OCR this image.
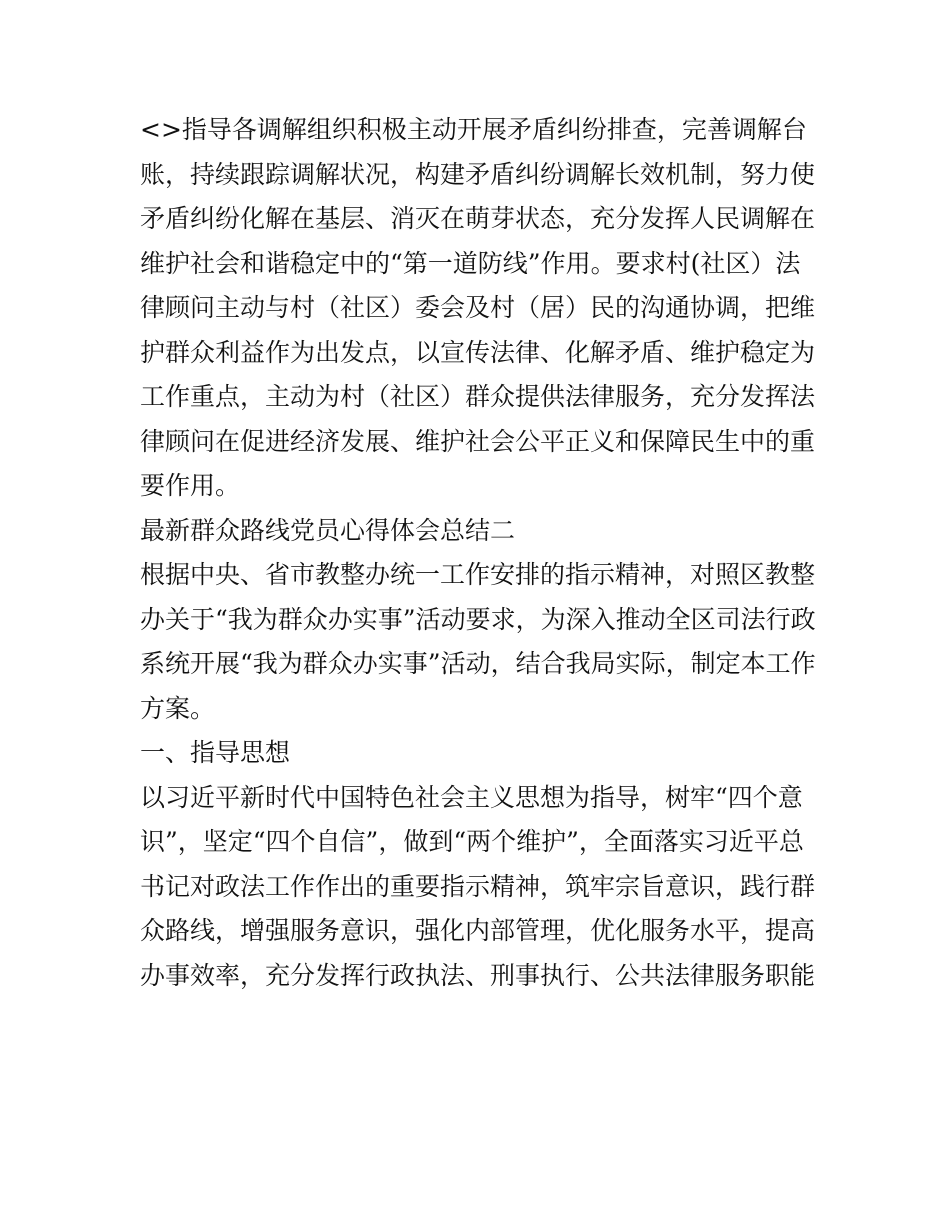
<>指导各调解组织积极主动开展矛盾纠纷排查，完善调解台
账，持续跟踪调解状况，构建矛盾纠纷调解长效机制，努力使
矛盾纠纷化解在基层、消灭在萌芽状态，充分发挥人民调解在
维护社会和谐稳定中的“第一道防线”作用。要求村(社区）法
律顾问主动与村（社区）委会及村（居）民的沟通协调，把维
护群众利益作为出发点，以宣传法律、化解矛盾、维护稳定为
工作重点，主动为村（社区）群众提供法律服务，充分发挥法
律顾问在促进经济发展、维护社会公平正义和保障民生中的重
要作用。
最新群众路线党员心得体会总结二
根据中央、省市教整办统一工作安排的指示精神，对照区教整
办关于“我为群众办实事”活动要求，为深入推动全区司法行政
系统开展“我为群众办实事”活动，结合我局实际，制定本工作
方案。
一、指导思想
以习近平新时代中国特色社会主义思想为指导，树牢“四个意
识”，坚定“四个自信”，做到“两个维护”，全面落实习近平总
书记对政法工作作出的重要指示精神，筑牢宗旨意识，践行群
众路线，增强服务意识，强化内部管理，优化服务水平，提高
办事效率，充分发挥行政执法、刑事执行、公共法律服务职能
